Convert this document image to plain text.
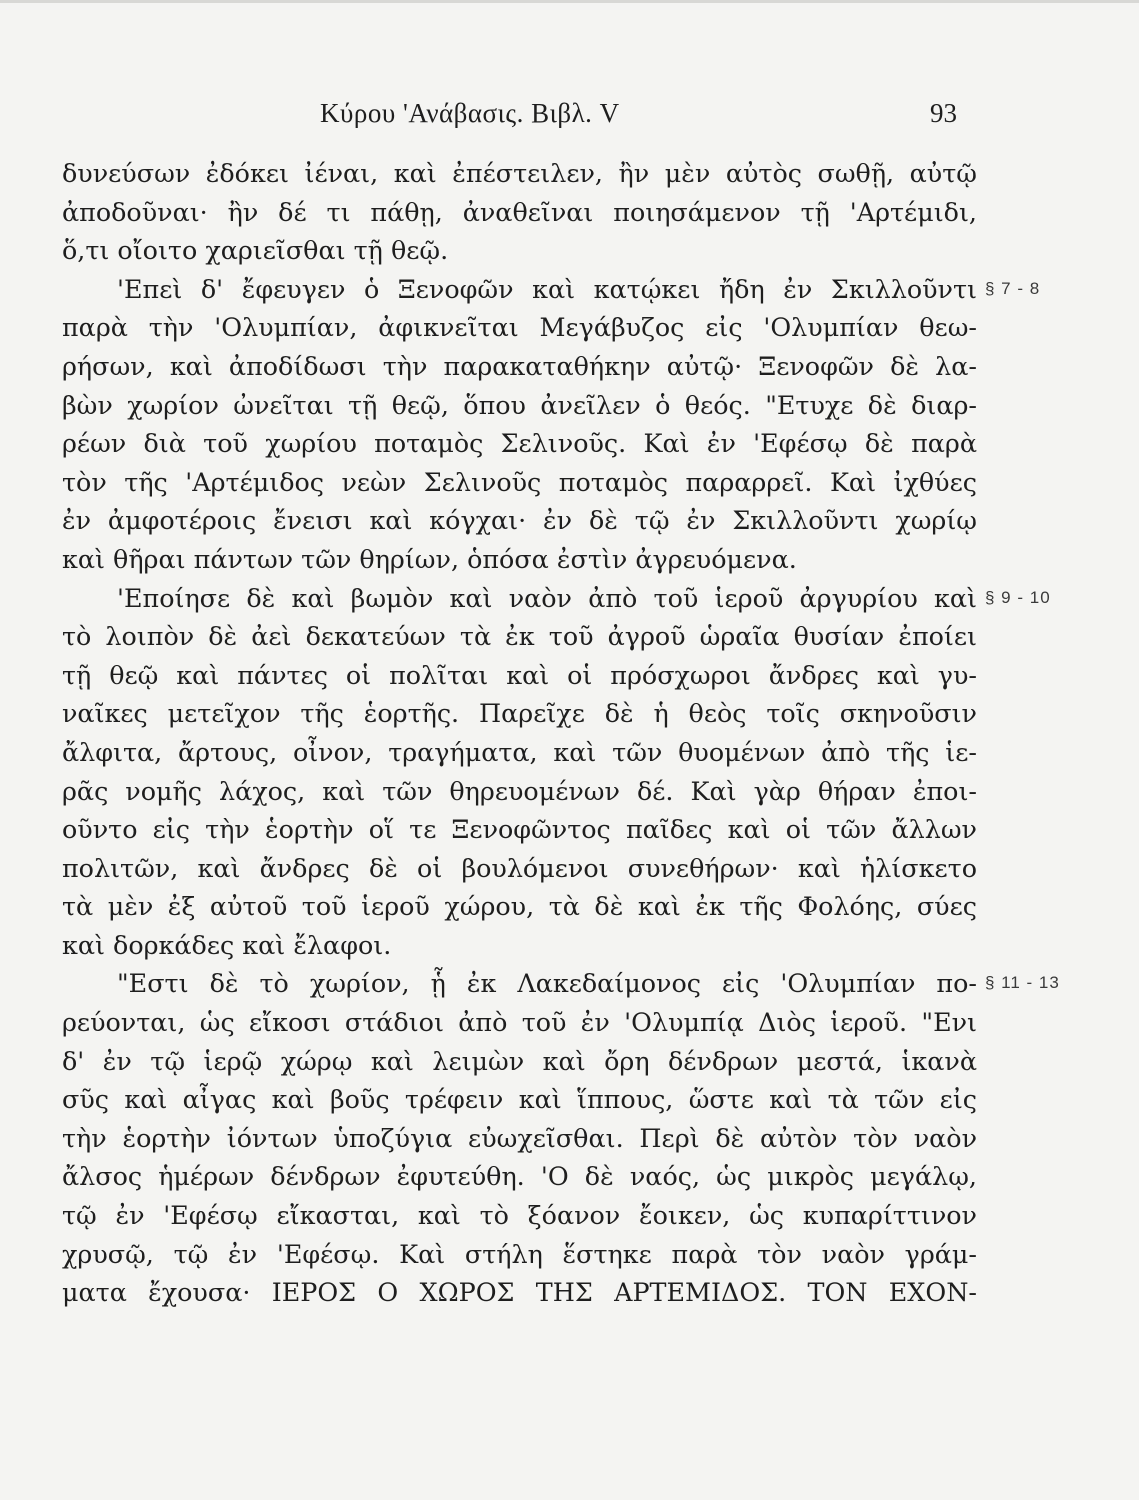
Κύρου 'Ανάβασις. Βιβλ. V	93
δυνεύσων ἐδόκει ἰέναι, καὶ ἐπέστειλεν, ἢν μὲν αὐτὸς σωθῇ, αὐτῷ
ἀποδοῦναι· ἢν δέ τι πάθῃ, ἀναθεῖναι ποιησάμενον τῇ 'Αρτέμιδι,
ὅ,τι οἴοιτο χαριεῖσθαι τῇ θεῷ.
'Επεὶ δ' ἔφευγεν ὁ Ξενοφῶν καὶ κατῴκει ἤδη ἐν Σκιλλοῦντι § 7 - 8
παρὰ τὴν 'Ολυμπίαν, ἀφικνεῖται Μεγάβυζος εἰς 'Ολυμπίαν θεω-
ρήσων, καὶ ἀποδίδωσι τὴν παρακαταθήκην αὐτῷ· Ξενοφῶν δὲ λα-
βὼν χωρίον ὠνεῖται τῇ θεῷ, ὅπου ἀνεῖλεν ὁ θεός. "Ετυχε δὲ διαρ-
ρέων διὰ τοῦ χωρίου ποταμὸς Σελινοῦς. Καὶ ἐν 'Εφέσῳ δὲ παρὰ
τὸν τῆς 'Αρτέμιδος νεὼν Σελινοῦς ποταμὸς παραρρεῖ. Καὶ ἰχθύες
ἐν ἀμφοτέροις ἔνεισι καὶ κόγχαι· ἐν δὲ τῷ ἐν Σκιλλοῦντι χωρίῳ
καὶ θῆραι πάντων τῶν θηρίων, ὁπόσα ἐστὶν ἀγρευόμενα.
'Εποίησε δὲ καὶ βωμὸν καὶ ναὸν ἀπὸ τοῦ ἱεροῦ ἀργυρίου καὶ § 9 - 10
τὸ λοιπὸν δὲ ἀεὶ δεκατεύων τὰ ἐκ τοῦ ἀγροῦ ὡραῖα θυσίαν ἐποίει
τῇ θεῷ καὶ πάντες οἱ πολῖται καὶ οἱ πρόσχωροι ἄνδρες καὶ γυ-
ναῖκες μετεῖχον τῆς ἑορτῆς. Παρεῖχε δὲ ἡ θεὸς τοῖς σκηνοῦσιν
ἄλφιτα, ἄρτους, οἶνον, τραγήματα, καὶ τῶν θυομένων ἀπὸ τῆς ἱε-
ρᾶς νομῆς λάχος, καὶ τῶν θηρευομένων δέ. Καὶ γὰρ θήραν ἐποι-
οῦντο εἰς τὴν ἑορτὴν οἵ τε Ξενοφῶντος παῖδες καὶ οἱ τῶν ἄλλων
πολιτῶν, καὶ ἄνδρες δὲ οἱ βουλόμενοι συνεθήρων· καὶ ἡλίσκετο
τὰ μὲν ἐξ αὐτοῦ τοῦ ἱεροῦ χώρου, τὰ δὲ καὶ ἐκ τῆς Φολόης, σύες
καὶ δορκάδες καὶ ἔλαφοι.
"Εστι δὲ τὸ χωρίον, ᾗ ἐκ Λακεδαίμονος εἰς 'Ολυμπίαν πο- § 11 - 13
ρεύονται, ὡς εἴκοσι στάδιοι ἀπὸ τοῦ ἐν 'Ολυμπίᾳ Διὸς ἱεροῦ. "Ενι
δ' ἐν τῷ ἱερῷ χώρῳ καὶ λειμὼν καὶ ὄρη δένδρων μεστά, ἱκανὰ
σῦς καὶ αἶγας καὶ βοῦς τρέφειν καὶ ἵππους, ὥστε καὶ τὰ τῶν εἰς
τὴν ἑορτὴν ἰόντων ὑποζύγια εὐωχεῖσθαι. Περὶ δὲ αὐτὸν τὸν ναὸν
ἄλσος ἡμέρων δένδρων ἐφυτεύθη. 'Ο δὲ ναός, ὡς μικρὸς μεγάλῳ,
τῷ ἐν 'Εφέσῳ εἴκασται, καὶ τὸ ξόανον ἔοικεν, ὡς κυπαρίττινον
χρυσῷ, τῷ ἐν 'Εφέσῳ. Καὶ στήλη ἕστηκε παρὰ τὸν ναὸν γράμ-
ματα ἔχουσα· ΙΕΡΟΣ Ο ΧΩΡΟΣ ΤΗΣ ΑΡΤΕΜΙΔΟΣ. ΤΟΝ ΕΧΟΝ-
